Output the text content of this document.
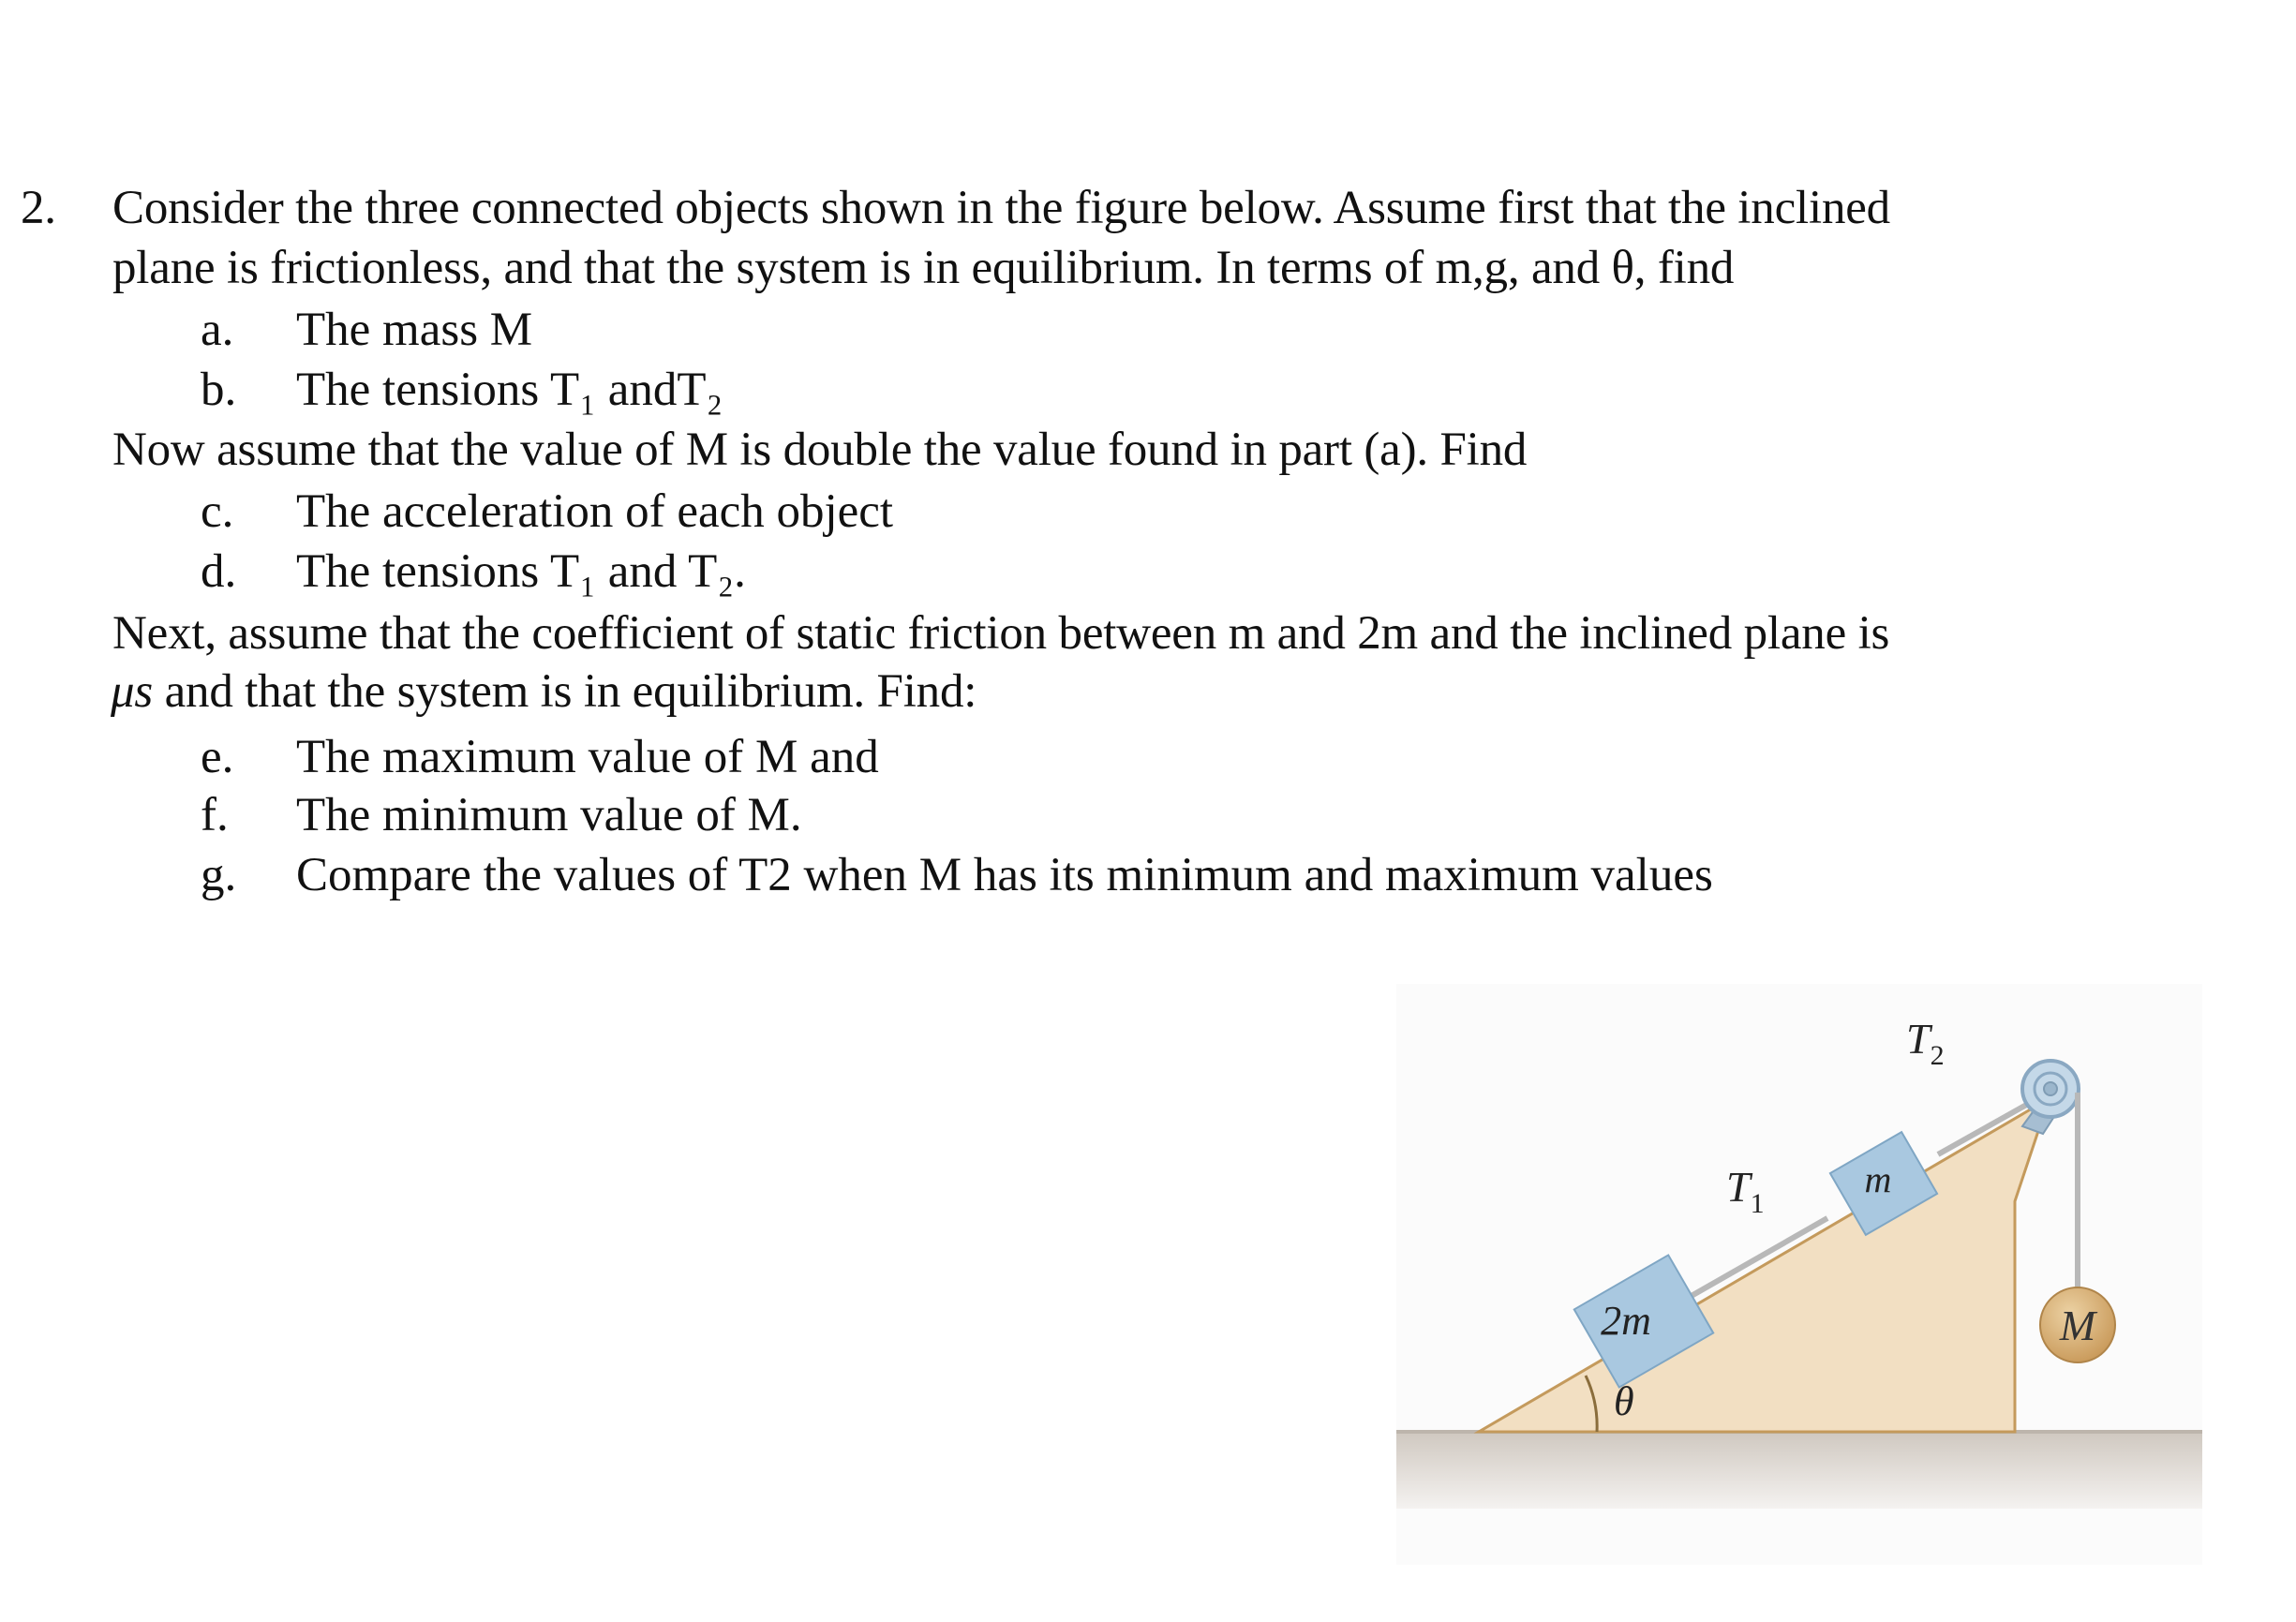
2. Consider the three connected objects shown in the figure below. Assume first that the inclined
plane is frictionless, and that the system is in equilibrium. In terms of m,g, and θ, find
a. The mass M
b. The tensions T₁ andT₂
Now assume that the value of M is double the value found in part (a). Find
c. The acceleration of each object
d. The tensions T₁ and T₂.
Next, assume that the coefficient of static friction between m and 2m and the inclined plane is
μs and that the system is in equilibrium. Find:
e. The maximum value of M and
f. The minimum value of M.
g. Compare the values of T2 when M has its minimum and maximum values
2m
m
M
$T_1$
$T_2$
θ
